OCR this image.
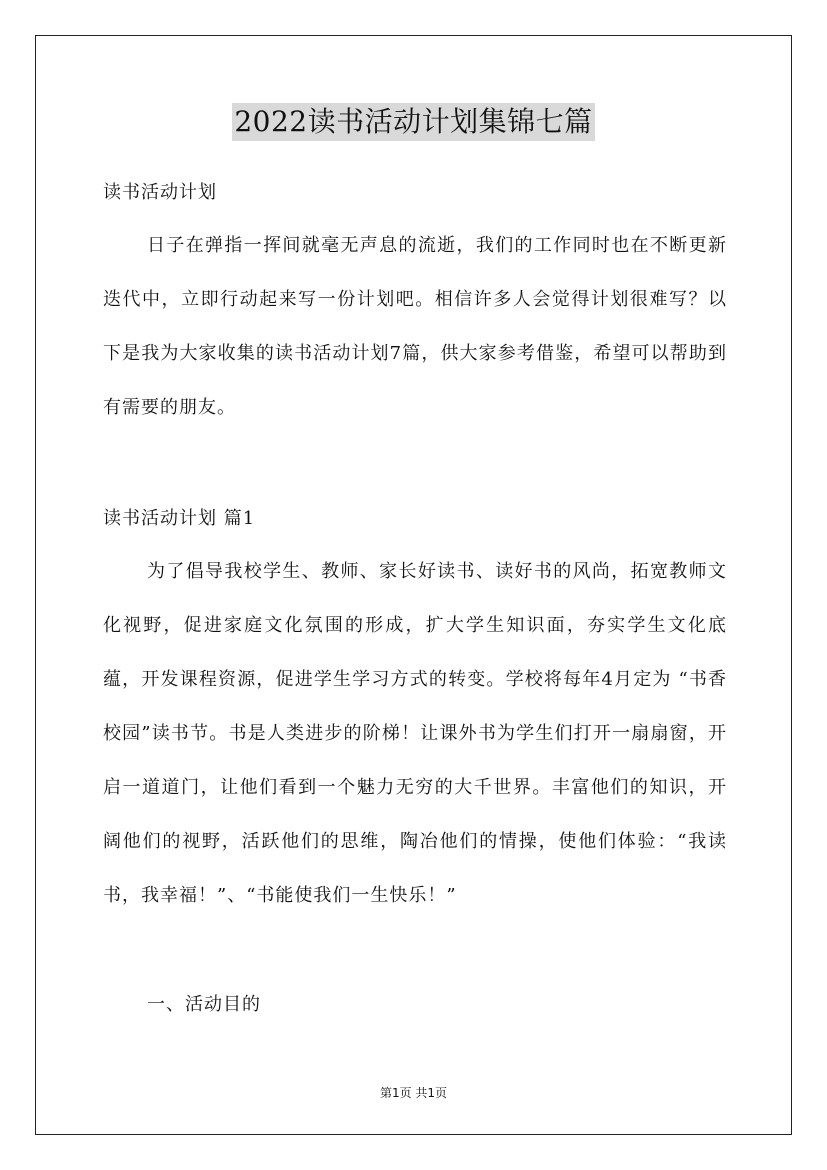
2022读书活动计划集锦七篇
读书活动计划

日子在弹指一挥间就毫无声息的流逝，我们的工作同时也在不断更新迭代中，立即行动起来写一份计划吧。相信许多人会觉得计划很难写？以下是我为大家收集的读书活动计划7篇，供大家参考借鉴，希望可以帮助到有需要的朋友。

读书活动计划 篇1

为了倡导我校学生、教师、家长好读书、读好书的风尚，拓宽教师文化视野，促进家庭文化氛围的形成，扩大学生知识面，夯实学生文化底蕴，开发课程资源，促进学生学习方式的转变。学校将每年4月定为 “书香校园”读书节。书是人类进步的阶梯！让课外书为学生们打开一扇扇窗，开启一道道门，让他们看到一个魅力无穷的大千世界。丰富他们的知识，开阔他们的视野，活跃他们的思维，陶冶他们的情操，使他们体验：“我读书，我幸福！”、“书能使我们一生快乐！”

一、活动目的
第1页 共1页
